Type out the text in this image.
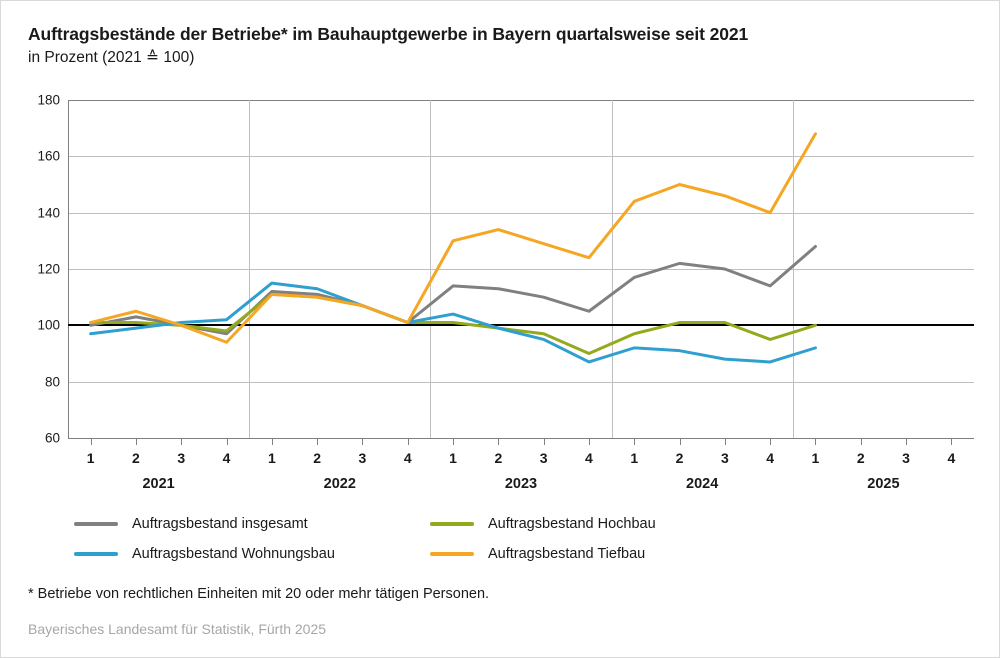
Auftragsbestände der Betriebe* im Bauhauptgewerbe in Bayern quartalsweise seit 2021
in Prozent (2021 ≙ 100)
60
80
100
120
140
160
180
1	2	3	4	1	2	3	4	1	2	3	4	1	2	3	4	1	2	3	4
2021	2022	2023	2024	2025
Auftragsbestand insgesamt	Auftragsbestand Hochbau
Auftragsbestand Wohnungsbau	Auftragsbestand Tiefbau
* Betriebe von rechtlichen Einheiten mit 20 oder mehr tätigen Personen.
Bayerisches Landesamt für Statistik, Fürth 2025
